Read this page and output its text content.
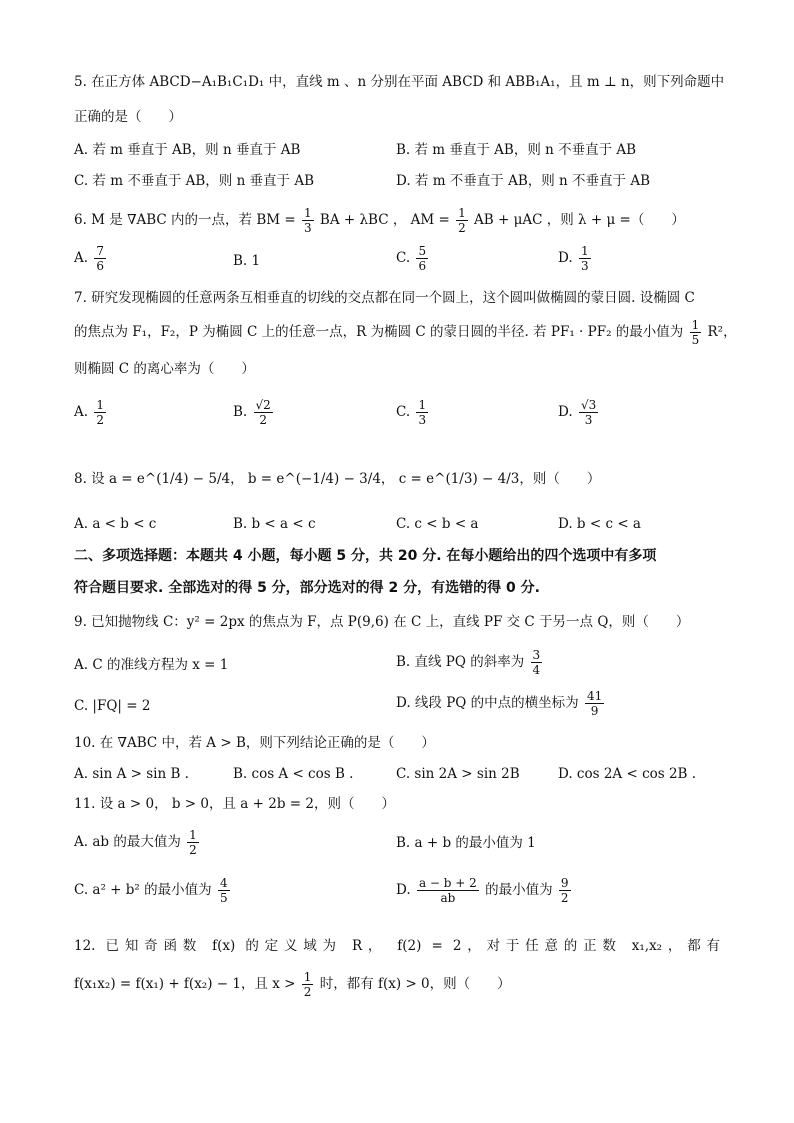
5. 在正方体 ABCD−A₁B₁C₁D₁ 中，直线 m 、n 分别在平面 ABCD 和 ABB₁A₁，且 m ⊥ n，则下列命题中
正确的是（　　）
A. 若 m 垂直于 AB，则 n 垂直于 AB	B. 若 m 垂直于 AB，则 n 不垂直于 AB
C. 若 m 不垂直于 AB，则 n 垂直于 AB	D. 若 m 不垂直于 AB，则 n 不垂直于 AB
6. M 是 ∇ABC 内的一点，若 BM = $\frac{1}{3}$ BA + λBC ， AM = $\frac{1}{2}$ AB + μAC ，则 λ + μ =（　　）
A. $\frac{7}{6}$	B. 1	C. $\frac{5}{6}$	D. $\frac{1}{3}$
7. 研究发现椭圆的任意两条互相垂直的切线的交点都在同一个圆上，这个圆叫做椭圆的蒙日圆. 设椭圆 C
的焦点为 F₁，F₂，P 为椭圆 C 上的任意一点，R 为椭圆 C 的蒙日圆的半径. 若 PF₁ · PF₂ 的最小值为 $\frac{1}{5} R^2$，
则椭圆 C 的离心率为（　　）
A. $\frac{1}{2}$	B. $\frac{√2}{2}$	C. $\frac{1}{3}$	D. $\frac{√3}{3}$
8. 设 a = e^(1/4) − 5/4， b = e^(−1/4) − 3/4， c = e^(1/3) − 4/3，则（　　）
A. a < b < c	B. b < a < c	C. c < b < a	D. b < c < a
二、多项选择题：本题共 4 小题，每小题 5 分，共 20 分. 在每小题给出的四个选项中有多项
符合题目要求. 全部选对的得 5 分，部分选对的得 2 分，有选错的得 0 分.
9. 已知抛物线 C：y² = 2px 的焦点为 F，点 P(9,6) 在 C 上，直线 PF 交 C 于另一点 Q，则（　　）
A. C 的准线方程为 x = 1	B. 直线 PQ 的斜率为 $\frac{3}{4}$
C. |FQ| = 2	D. 线段 PQ 的中点的横坐标为 $\frac{41}{9}$
10. 在 ∇ABC 中，若 A > B，则下列结论正确的是（　　）
A. sin A > sin B .	B. cos A < cos B .	C. sin 2A > sin 2B	D. cos 2A < cos 2B .
11. 设 a > 0， b > 0，且 a + 2b = 2，则（　　）
A. ab 的最大值为 $\frac{1}{2}$	B. a + b 的最小值为 1
C. a² + b² 的最小值为 $\frac{4}{5}$	D. $\frac{a - b + 2}{ab}$ 的最小值为 $\frac{9}{2}$
12. 已知奇函数 f(x) 的定义域为 R， f(2) = 2，对于任意的正数 x₁,x₂，都有
f(x₁x₂) = f(x₁) + f(x₂) − 1，且 $x > \frac{1}{2}$ 时，都有 f(x) > 0，则（　　）
